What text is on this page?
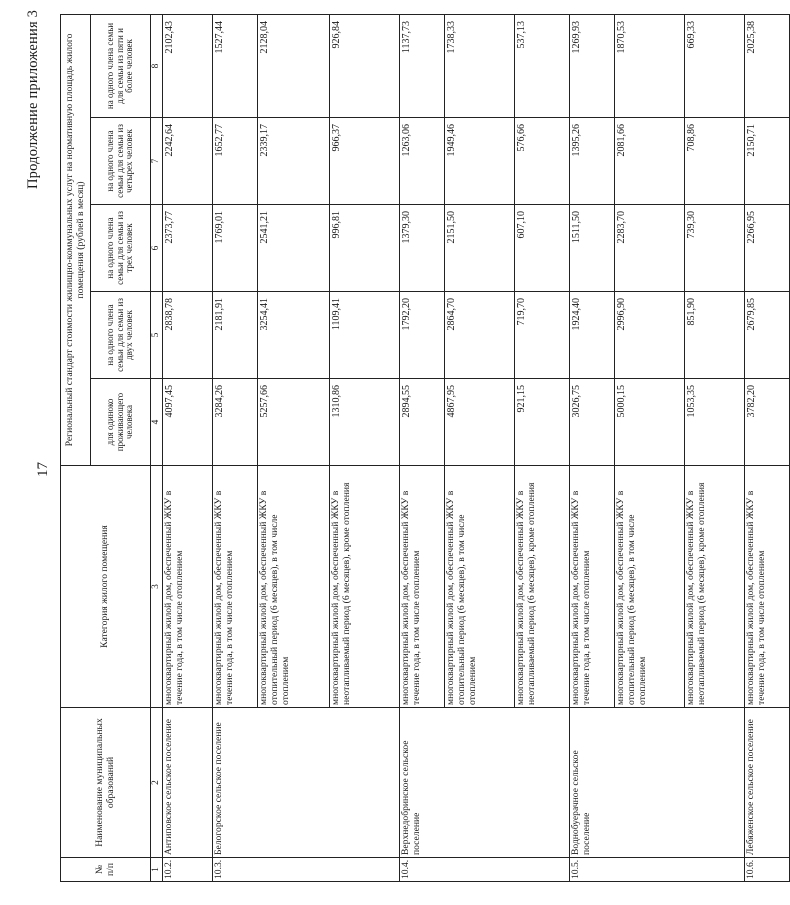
17
Продолжение приложения 3
№ п/п	Наименование муниципальных образований	Категория жилого помещения	Региональный стандарт стоимости жилищно-коммунальных услуг на нормативную площадь жилого помещения (рублей в месяц)				
			для одиноко проживающего человека	на одного члена семьи для семьи из двух человек	на одного члена семьи для семьи из трех человек	на одного члена семьи для семьи из четырех человек	на одного члена семьи для семьи из пяти и более человек
1	2	3	4	5	6	7	8
10.2.	Антиповское сельское поселение	многоквартирный жилой дом, обеспеченный ЖКУ в течение года, в том числе отоплением	4097,45	2838,78	2373,77	2242,64	2102,43
10.3.	Белогорское сельское поселение	многоквартирный жилой дом, обеспеченный ЖКУ в течение года, в том числе отоплением	3284,26	2181,91	1769,01	1652,77	1527,44
		многоквартирный жилой дом, обеспеченный ЖКУ в отопительный период (6 месяцев), в том числе отоплением	5257,66	3254,41	2541,21	2339,17	2128,04
		многоквартирный жилой дом, обеспеченный ЖКУ в неотапливаемый период (6 месяцев), кроме отопления	1310,86	1109,41	996,81	966,37	926,84
10.4.	Верхнедобринское сельское поселение	многоквартирный жилой дом, обеспеченный ЖКУ в течение года, в том числе отоплением	2894,55	1792,20	1379,30	1263,06	1137,73
		многоквартирный жилой дом, обеспеченный ЖКУ в отопительный период (6 месяцев), в том числе отоплением	4867,95	2864,70	2151,50	1949,46	1738,33
		многоквартирный жилой дом, обеспеченный ЖКУ в неотапливаемый период (6 месяцев), кроме отопления	921,15	719,70	607,10	576,66	537,13
10.5.	Воднобуерачное сельское поселение	многоквартирный жилой дом, обеспеченный ЖКУ в течение года, в том числе отоплением	3026,75	1924,40	1511,50	1395,26	1269,93
		многоквартирный жилой дом, обеспеченный ЖКУ в отопительный период (6 месяцев), в том числе отоплением	5000,15	2996,90	2283,70	2081,66	1870,53
		многоквартирный жилой дом, обеспеченный ЖКУ в неотапливаемый период (6 месяцев), кроме отопления	1053,35	851,90	739,30	708,86	669,33
10.6.	Лебяженское сельское поселение	многоквартирный жилой дом, обеспеченный ЖКУ в течение года, в том числе отоплением	3782,20	2679,85	2266,95	2150,71	2025,38
